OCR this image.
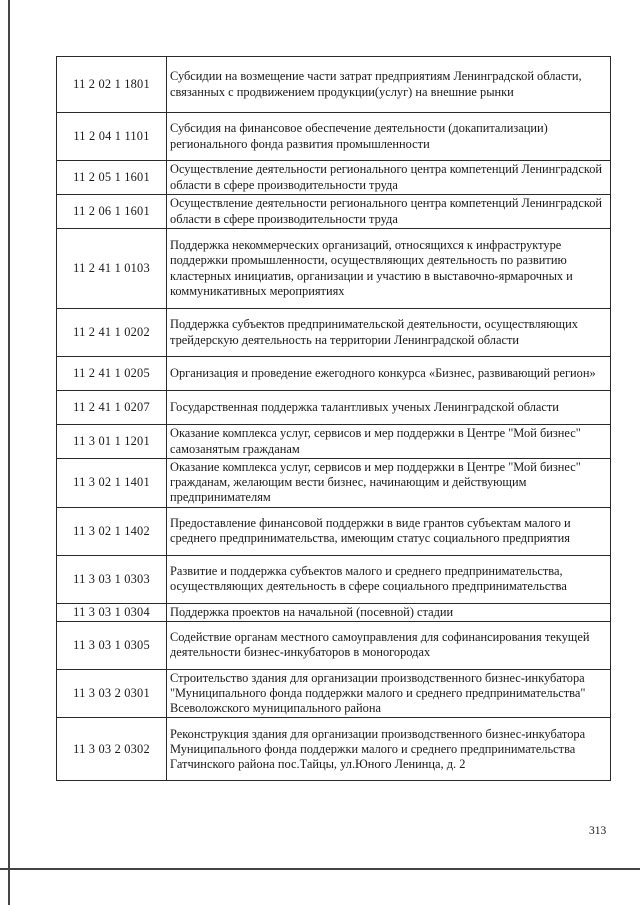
11 2 02 1 1801	Субсидии на возмещение части затрат предприятиям Ленинградской области, связанных с продвижением продукции(услуг) на внешние рынки
11 2 04 1 1101	Субсидия на финансовое обеспечение деятельности (докапитализации) регионального фонда развития промышленности
11 2 05 1 1601	Осуществление деятельности регионального центра компетенций Ленинградской области в сфере производительности труда
11 2 06 1 1601	Осуществление деятельности регионального центра компетенций Ленинградской области в сфере производительности труда
11 2 41 1 0103	Поддержка некоммерческих организаций, относящихся к инфраструктуре поддержки промышленности, осуществляющих деятельность по развитию кластерных инициатив, организации и участию в выставочно-ярмарочных и коммуникативных мероприятиях
11 2 41 1 0202	Поддержка субъектов предпринимательской деятельности, осуществляющих трейдерскую деятельность на территории Ленинградской области
11 2 41 1 0205	Организация и проведение ежегодного конкурса «Бизнес, развивающий регион»
11 2 41 1 0207	Государственная поддержка талантливых ученых Ленинградской области
11 3 01 1 1201	Оказание комплекса услуг, сервисов и мер поддержки в Центре "Мой бизнес" самозанятым гражданам
11 3 02 1 1401	Оказание комплекса услуг, сервисов и мер поддержки в Центре "Мой бизнес" гражданам, желающим вести бизнес, начинающим и действующим предпринимателям
11 3 02 1 1402	Предоставление финансовой поддержки в виде грантов субъектам малого и среднего предпринимательства, имеющим статус социального предприятия
11 3 03 1 0303	Развитие и поддержка субъектов малого и среднего предпринимательства, осуществляющих деятельность в сфере социального предпринимательства
11 3 03 1 0304	Поддержка проектов на начальной (посевной) стадии
11 3 03 1 0305	Содействие органам местного самоуправления для софинансирования текущей деятельности бизнес-инкубаторов в моногородах
11 3 03 2 0301	Строительство здания для организации производственного бизнес-инкубатора "Муниципального фонда поддержки малого и среднего предпринимательства" Всеволожского муниципального района
11 3 03 2 0302	Реконструкция здания для организации производственного бизнес-инкубатора Муниципального фонда поддержки малого и среднего предпринимательства Гатчинского района пос.Тайцы, ул.Юного Ленинца, д. 2
313
